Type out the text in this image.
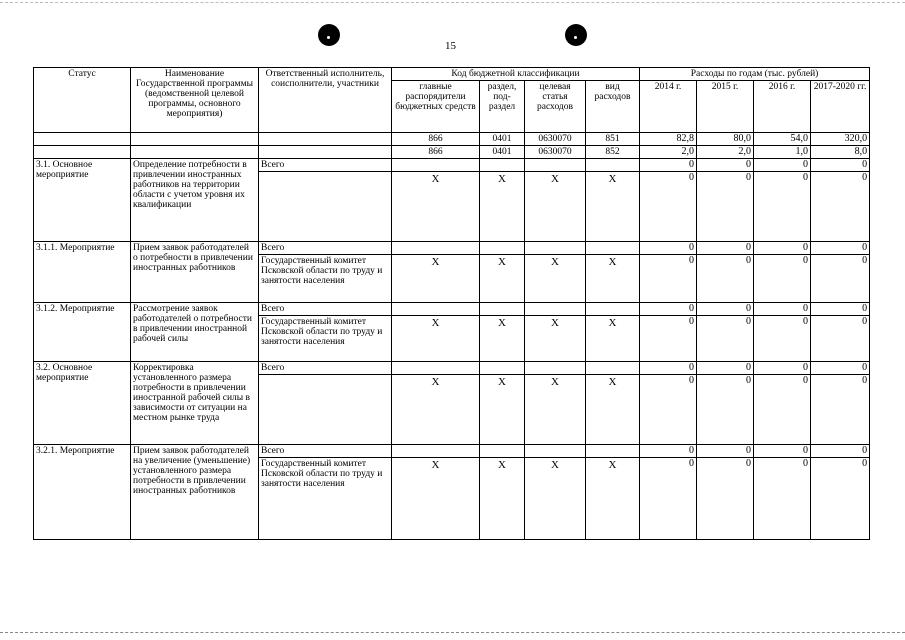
15
Статус	Наименование Государственной программы (ведомственной целевой программы, основного мероприятия)	Ответственный исполнитель, соисполнители, участники	Код бюджетной классификации				Расходы по годам (тыс. рублей)			
			главные распорядители бюджетных средств	раздел, под-раздел	целевая статья расходов	вид расходов	2014 г.	2015 г.	2016 г.	2017-2020 гг.
			866	0401	0630070	851	82,8	80,0	54,0	320,0
			866	0401	0630070	852	2,0	2,0	1,0	8,0
3.1. Основное мероприятие	Определение потребности в привлечении иностранных работников на территории области с учетом уровня их квалификации	Всего					0	0	0	0
			Х	Х	Х	Х	0	0	0	0
3.1.1. Мероприятие	Прием заявок работодателей о потребности в привлечении иностранных работников	Всего					0	0	0	0
		Государственный комитет Псковской области по труду и занятости населения	Х	Х	Х	Х	0	0	0	0
3.1.2. Мероприятие	Рассмотрение заявок работодателей о потребности в привлечении иностранной рабочей силы	Всего					0	0	0	0
		Государственный комитет Псковской области по труду и занятости населения	Х	Х	Х	Х	0	0	0	0
3.2. Основное мероприятие	Корректировка установленного размера потребности в привлечении иностранной рабочей силы в зависимости от ситуации на местном рынке труда	Всего					0	0	0	0
			Х	Х	Х	Х	0	0	0	0
3.2.1. Мероприятие	Прием заявок работодателей на увеличение (уменьшение) установленного размера потребности в привлечении иностранных работников	Всего					0	0	0	0
		Государственный комитет Псковской области по труду и занятости населения	Х	Х	Х	Х	0	0	0	0
